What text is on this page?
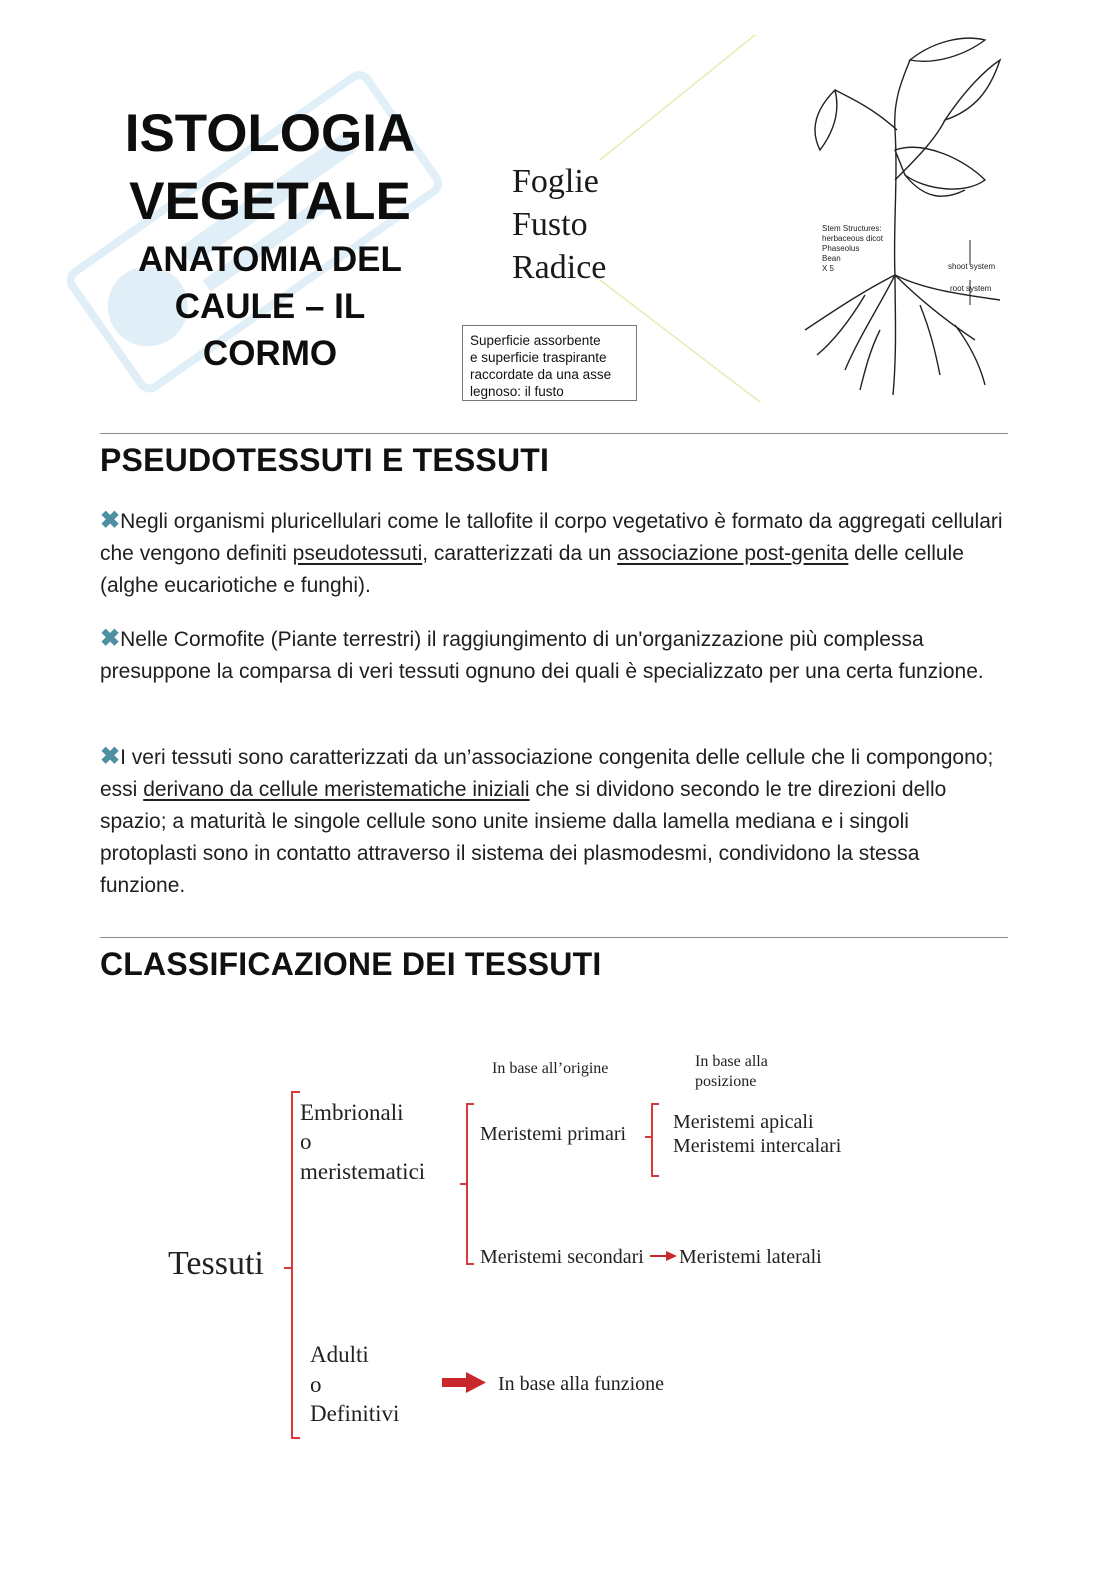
ISTOLOGIA
VEGETALE
ANATOMIA DEL
CAULE – IL
CORMO
Stem Structures:
herbaceous dicot
Phaseolus
Bean
X 5	shoot system
root system
Foglie
Fusto
Radice
Superficie assorbente
e superficie traspirante
raccordate da una asse
legnoso: il fusto
PSEUDOTESSUTI E TESSUTI

✖Negli organismi pluricellulari come le tallofite il corpo vegetativo è formato da aggregati cellulari che vengono definiti pseudotessuti, caratterizzati da un associazione post-genita delle cellule (alghe eucariotiche e funghi).

✖Nelle Cormofite (Piante terrestri) il raggiungimento di un'organizzazione più complessa presuppone la comparsa di veri tessuti ognuno dei quali è specializzato per una certa funzione.

✖I veri tessuti sono caratterizzati da un’associazione congenita delle cellule che li compongono; essi derivano da cellule meristematiche iniziali che si dividono secondo le tre direzioni dello spazio; a maturità le singole cellule sono unite insieme dalla lamella mediana e i singoli protoplasti sono in contatto attraverso il sistema dei plasmodesmi, condividono la stessa funzione.

CLASSIFICAZIONE DEI TESSUTI
In base all’origine	In base alla
posizione
Tessuti
Embrionali
o
meristematici
Adulti
o
Definitivi
Meristemi primari
Meristemi secondari
Meristemi apicali
Meristemi intercalari
Meristemi laterali
In base alla funzione
